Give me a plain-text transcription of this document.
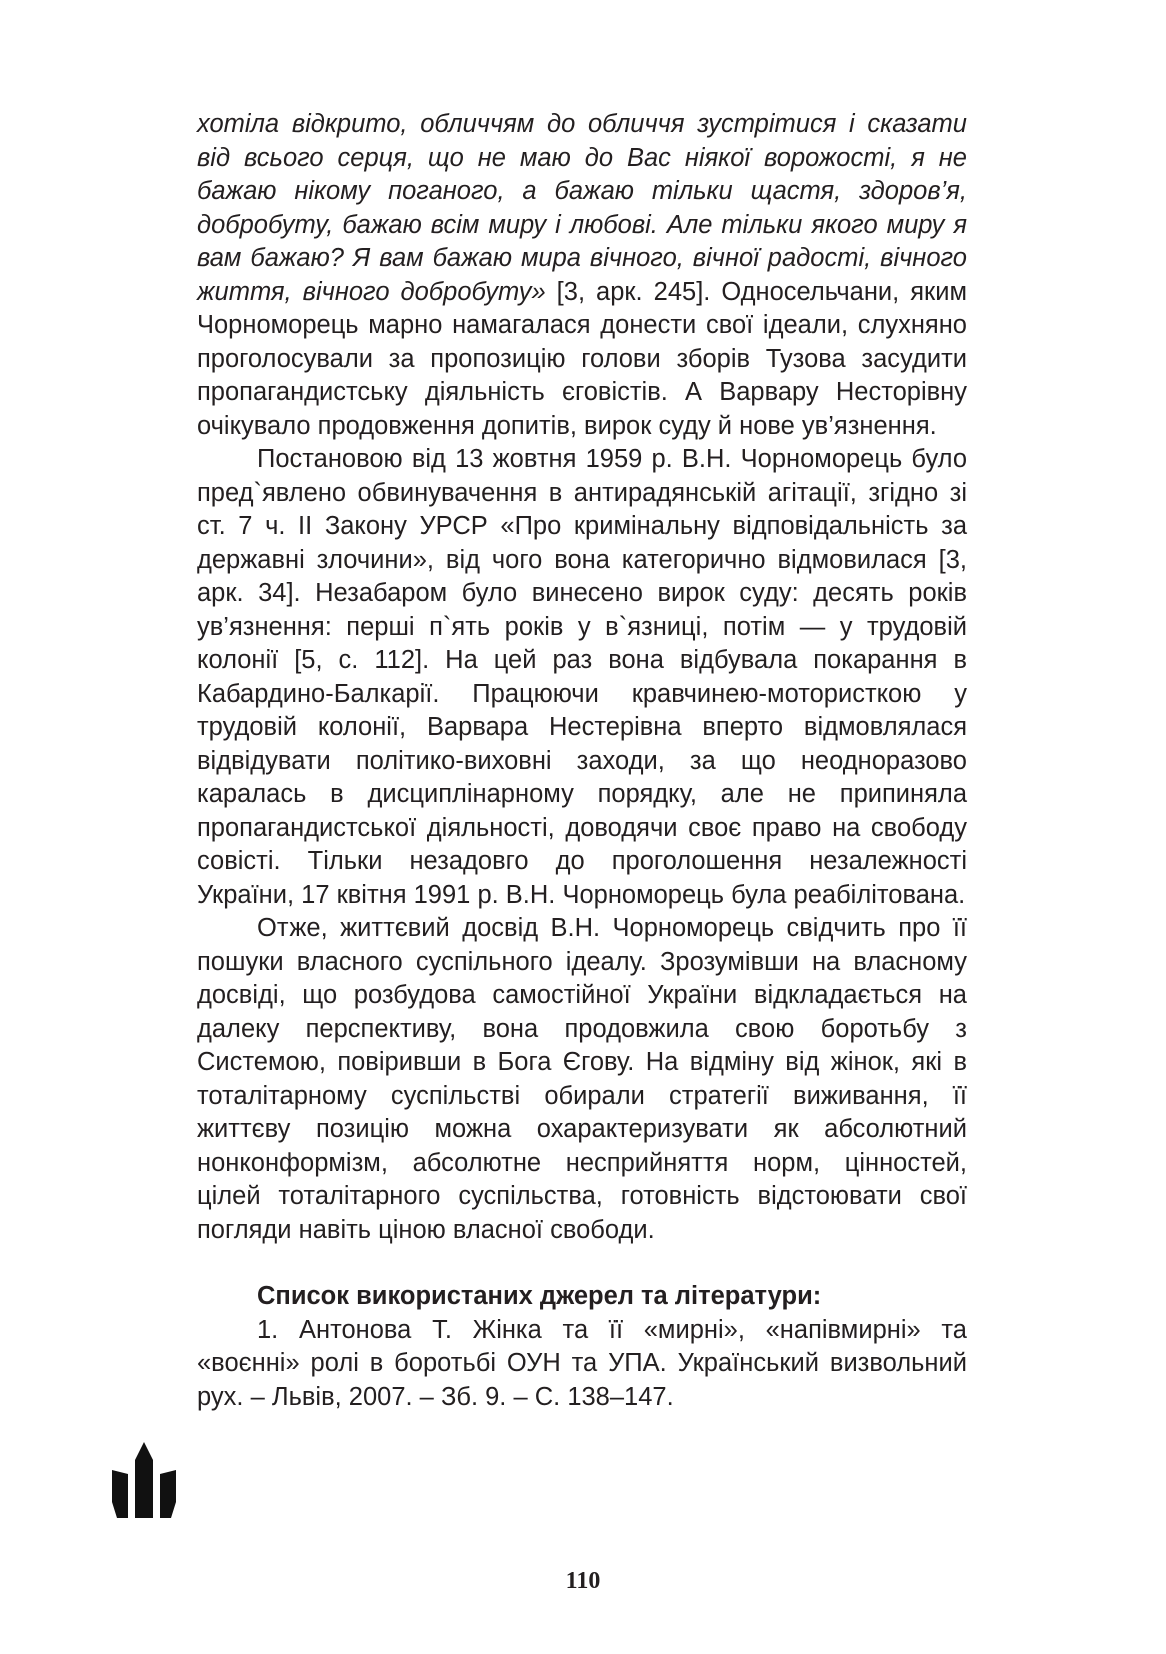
хотіла відкрито, обличчям до обличчя зустрітися і сказати від всього серця, що не маю до Вас ніякої ворожості, я не бажаю нікому поганого, а бажаю тільки щастя, здоров’я, добробуту, бажаю всім миру і любові. Але тільки якого миру я вам бажаю? Я вам бажаю мира вічного, вічної радості, вічного життя, вічного добробуту» [3, арк. 245]. Односельчани, яким Чорноморець марно намагалася донести свої ідеали, слухняно проголосували за пропозицію голови зборів Тузова засудити пропагандистську діяльність єговістів. А Варвару Несторівну очікувало продовження допитів, вирок суду й нове ув’язнення.

Постановою від 13 жовтня 1959 р. В.Н. Чорноморець було пред`явлено обвинувачення в антирадянській агітації, згідно зі ст. 7 ч. ІІ Закону УРСР «Про кримінальну відповідальність за державні злочини», від чого вона категорично відмовилася [3, арк. 34]. Незабаром було винесено вирок суду: десять років ув’язнення: перші п`ять років у в`язниці, потім — у трудовій колонії [5, с. 112]. На цей раз вона відбувала покарання в Кабардино-Балкарії. Працюючи кравчинею-мотористкою у трудовій колонії, Варвара Нестерівна вперто відмовлялася відвідувати політико-виховні заходи, за що неодноразово каралась в дисциплінарному порядку, але не припиняла пропагандистської діяльності, доводячи своє право на свободу совісті. Тільки незадовго до проголошення незалежності України, 17 квітня 1991 р. В.Н. Чорноморець була реабілітована.

Отже, життєвий досвід В.Н. Чорноморець свідчить про її пошуки власного суспільного ідеалу. Зрозумівши на власному досвіді, що розбудова самостійної України відкладається на далеку перспективу, вона продовжила свою боротьбу з Системою, повіривши в Бога Єгову. На відміну від жінок, які в тоталітарному суспільстві обирали стратегії виживання, її життєву позицію можна охарактеризувати як абсолютний нонконформізм, абсолютне несприйняття норм, цінностей, цілей тоталітарного суспільства, готовність відстоювати свої погляди навіть ціною власної свободи.

Список використаних джерел та літератури:

1. Антонова Т. Жінка та її «мирні», «напівмирні» та «воєнні» ролі в боротьбі ОУН та УПА. Український визвольний рух. – Львів, 2007. – Зб. 9. – С. 138–147.

110
